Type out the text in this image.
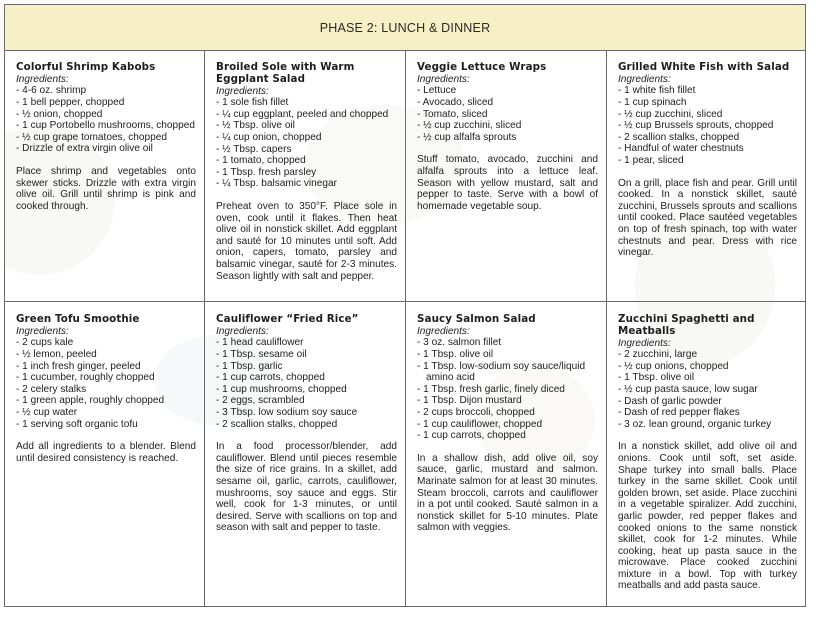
PHASE 2: LUNCH & DINNER

Colorful Shrimp Kabobs

Ingredients:

- 4-6 oz. shrimp
- 1 bell pepper, chopped
- ½ onion, chopped
- 1 cup Portobello mushrooms, chopped
- ½ cup grape tomatoes, chopped
- Drizzle of extra virgin olive oil

Place shrimp and vegetables onto skewer sticks. Drizzle with extra virgin olive oil. Grill until shrimp is pink and cooked through.

Broiled Sole with Warm Eggplant Salad

Ingredients:

- 1 sole fish fillet
- ¼ cup eggplant, peeled and chopped
- ½ Tbsp. olive oil
- ¼ cup onion, chopped
- ½ Tbsp. capers
- 1 tomato, chopped
- 1 Tbsp. fresh parsley
- ¼ Tbsp. balsamic vinegar

Preheat oven to 350°F. Place sole in oven, cook until it flakes. Then heat olive oil in nonstick skillet. Add eggplant and sauté for 10 minutes until soft. Add onion, capers, tomato, parsley and balsamic vinegar, sauté for 2-3 minutes. Season lightly with salt and pepper.

Veggie Lettuce Wraps

Ingredients:

- Lettuce
- Avocado, sliced
- Tomato, sliced
- ½ cup zucchini, sliced
- ½ cup alfalfa sprouts

Stuff tomato, avocado, zucchini and alfalfa sprouts into a lettuce leaf. Season with yellow mustard, salt and pepper to taste. Serve with a bowl of homemade vegetable soup.

Grilled White Fish with Salad

Ingredients:

- 1 white fish fillet
- 1 cup spinach
- ½ cup zucchini, sliced
- ½ cup Brussels sprouts, chopped
- 2 scallion stalks, chopped
- Handful of water chestnuts
- 1 pear, sliced

On a grill, place fish and pear. Grill until cooked. In a nonstick skillet, sauté zucchini, Brussels sprouts and scallions until cooked. Place sautéed vegetables on top of fresh spinach, top with water chestnuts and pear. Dress with rice vinegar.

Green Tofu Smoothie

Ingredients:

- 2 cups kale
- ½ lemon, peeled
- 1 inch fresh ginger, peeled
- 1 cucumber, roughly chopped
- 2 celery stalks
- 1 green apple, roughly chopped
- ½ cup water
- 1 serving soft organic tofu

Add all ingredients to a blender. Blend until desired consistency is reached.

Cauliflower “Fried Rice”

Ingredients:

- 1 head cauliflower
- 1 Tbsp. sesame oil
- 1 Tbsp. garlic
- 1 cup carrots, chopped
- 1 cup mushrooms, chopped
- 2 eggs, scrambled
- 3 Tbsp. low sodium soy sauce
- 2 scallion stalks, chopped

In a food processor/blender, add cauliflower. Blend until pieces resemble the size of rice grains. In a skillet, add sesame oil, garlic, carrots, cauliflower, mushrooms, soy sauce and eggs. Stir well, cook for 1-3 minutes, or until desired. Serve with scallions on top and season with salt and pepper to taste.

Saucy Salmon Salad

Ingredients:

- 3 oz. salmon fillet
- 1 Tbsp. olive oil
- 1 Tbsp. low-sodium soy sauce/liquid amino acid
- 1 Tbsp. fresh garlic, finely diced
- 1 Tbsp. Dijon mustard
- 2 cups broccoli, chopped
- 1 cup cauliflower, chopped
- 1 cup carrots, chopped

In a shallow dish, add olive oil, soy sauce, garlic, mustard and salmon. Marinate salmon for at least 30 minutes. Steam broccoli, carrots and cauliflower in a pot until cooked. Sauté salmon in a nonstick skillet for 5-10 minutes. Plate salmon with veggies.

Zucchini Spaghetti and Meatballs

Ingredients:

- 2 zucchini, large
- ½ cup onions, chopped
- 1 Tbsp. olive oil
- ½ cup pasta sauce, low sugar
- Dash of garlic powder
- Dash of red pepper flakes
- 3 oz. lean ground, organic turkey

In a nonstick skillet, add olive oil and onions. Cook until soft, set aside. Shape turkey into small balls. Place turkey in the same skillet. Cook until golden brown, set aside. Place zucchini in a vegetable spiralizer. Add zucchini, garlic powder, red pepper flakes and cooked onions to the same nonstick skillet, cook for 1-2 minutes. While cooking, heat up pasta sauce in the microwave. Place cooked zucchini mixture in a bowl. Top with turkey meatballs and add pasta sauce.
